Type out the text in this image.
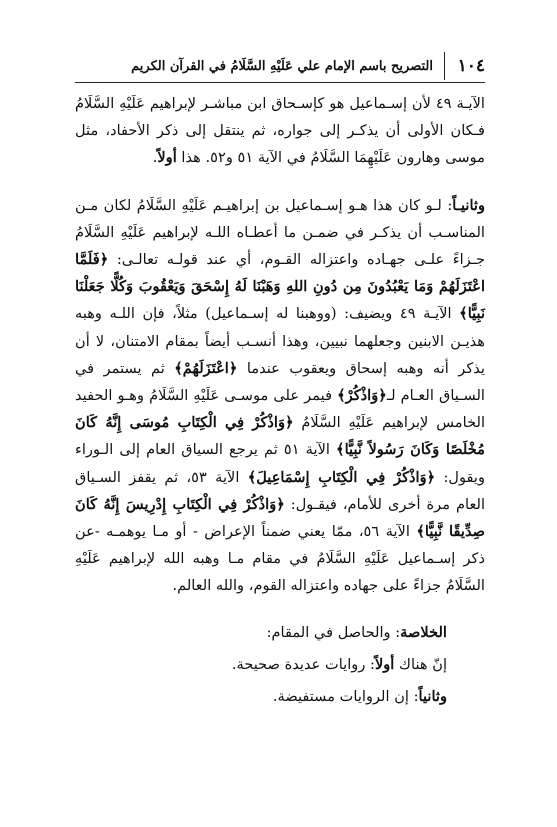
١٠٤
التصريح باسم الإمام علي عَلَيْهِ السَّلَامُ في القرآن الكريم

الآيـة ٤٩ لأن إسـماعيل هو كإسـحاق ابن مباشـر لإبراهيم عَلَيْهِ السَّلَامُ فـكان الأولى أن يذكـر إلى جواره، ثم ينتقل إلى ذكر الأحفاد، مثل موسى وهارون عَلَيْهِمَا السَّلَامُ في الآية ٥١ و٥٢. هذا أولاً.

وثانيـاً: لـو كان هذا هـو إسـماعيل بن إبراهيـم عَلَيْهِ السَّلَامُ لكان مـن المناسـب أن يذكـر في ضمـن ما أعطـاه اللـه لإبراهيم عَلَيْهِ السَّلَامُ جـزاءً علـى جهـاده واعتزاله القـوم، أي عند قولـه تعالـى: ﴿فَلَمَّا اعْتَزَلَهُمْ وَمَا يَعْبُدُونَ مِن دُونِ اللهِ وَهَبْنَا لَهُ إِسْحَقَ وَيَعْقُوبَ وَكُلًّا جَعَلْنَا نَبِيًّا﴾ الآيـة ٤٩ ويضيف: (ووهبنا له إسـماعيل) مثلاً، فإن اللـه وهبه هذيـن الابنين وجعلهما نبيين، وهذا أنسـب أيضاً بمقام الامتنان، لا أن يذكر أنه وهبه إسحاق ويعقوب عندما ﴿اعْتَزَلَهُمْ﴾ ثم يستمر في السـياق العـام لـ﴿وَاذْكُرْ﴾ فيمر على موسـى عَلَيْهِ السَّلَامُ وهـو الحفيد الخامس لإبراهيم عَلَيْهِ السَّلَامُ ﴿وَاذْكُرْ فِي الْكِتَابِ مُوسَى إِنَّهُ كَانَ مُخْلَصًا وَكَانَ رَسُولاً نَّبِيًّا﴾ الآية ٥١ ثم يرجع السياق العام إلى الـوراء ويقول: ﴿وَاذْكُرْ فِي الْكِتَابِ إِسْمَاعِيلَ﴾ الآية ٥٣، ثم يقفز السـياق العام مرة أخرى للأمام، فيقـول: ﴿وَاذْكُرْ فِي الْكِتَابِ إِدْرِيسَ إِنَّهُ كَانَ صِدِّيقًا نَّبِيًّا﴾ الآية ٥٦، ممّا يعني ضمناً الإعراض - أو مـا يوهمـه -عن ذكر إسـماعيل عَلَيْهِ السَّلَامُ في مقام مـا وهبه الله لإبراهيم عَلَيْهِ السَّلَامُ جزاءً على جهاده واعتزاله القوم، والله العالم.

الخلاصة: والحاصل في المقام:

إنّ هناك أولاً: روايات عديدة صحيحة.

وثانياً: إن الروايات مستفيضة.
